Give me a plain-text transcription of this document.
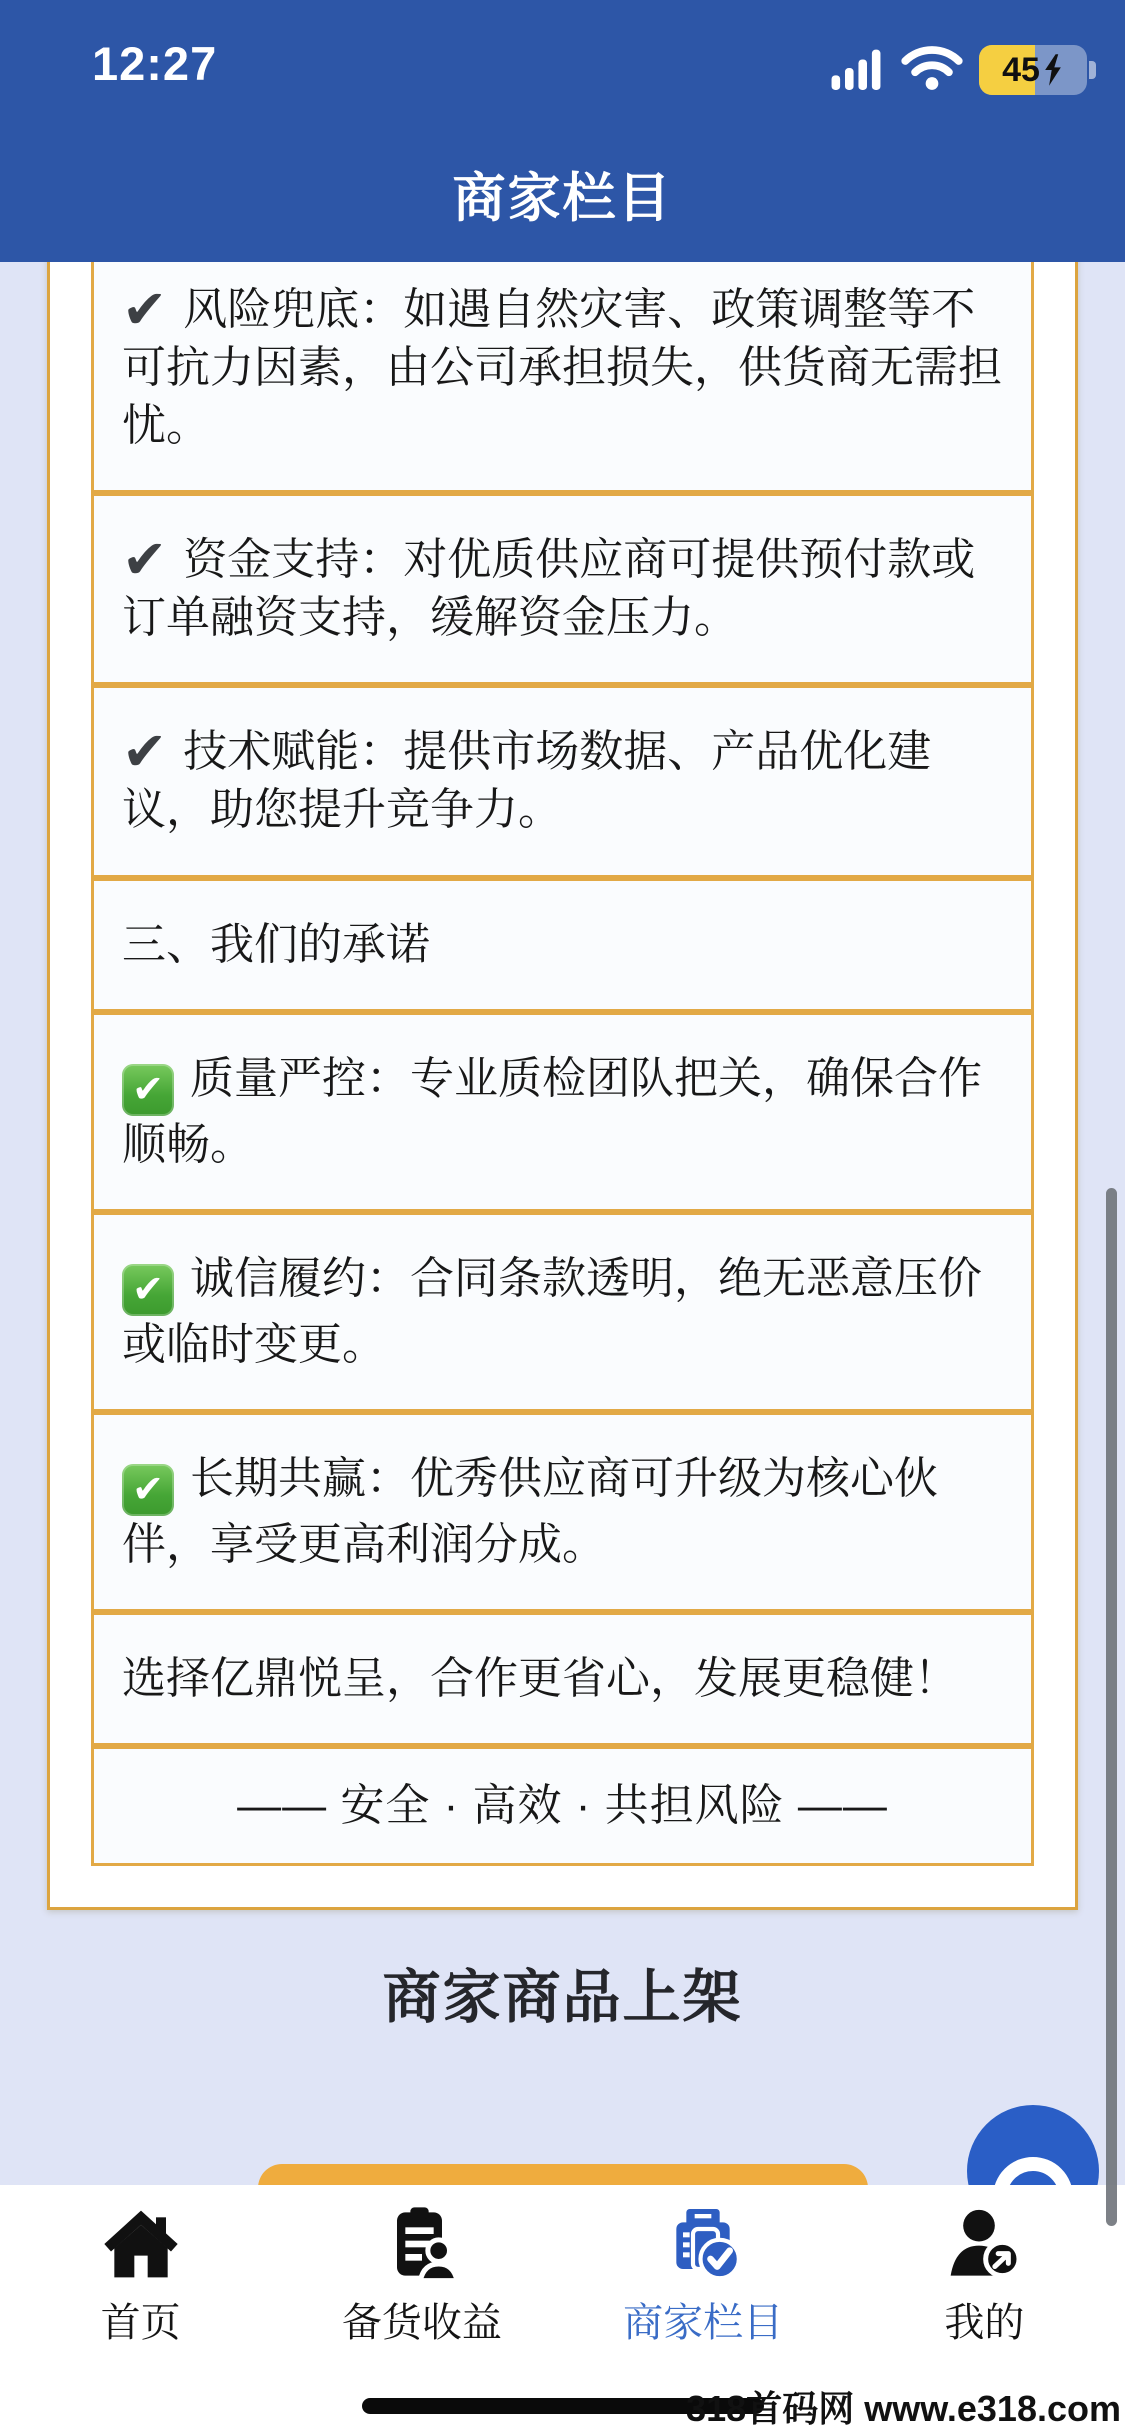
12:27	45
商家栏目
✔ 风险兜底：如遇自然灾害、政策调整等不可抗力因素，由公司承担损失，供货商无需担忧。
✔ 资金支持：对优质供应商可提供预付款或订单融资支持，缓解资金压力。
✔ 技术赋能：提供市场数据、产品优化建议，助您提升竞争力。
三、我们的承诺
✔ 质量严控：专业质检团队把关，确保合作顺畅。
✔ 诚信履约：合同条款透明，绝无恶意压价或临时变更。
✔ 长期共赢：优秀供应商可升级为核心伙伴，享受更高利润分成。
选择亿鼎悦呈，合作更省心，发展更稳健！
—— 安全 · 高效 · 共担风险 ——
商家商品上架
首页	备货收益	商家栏目	我的
318首码网 www.e318.com
